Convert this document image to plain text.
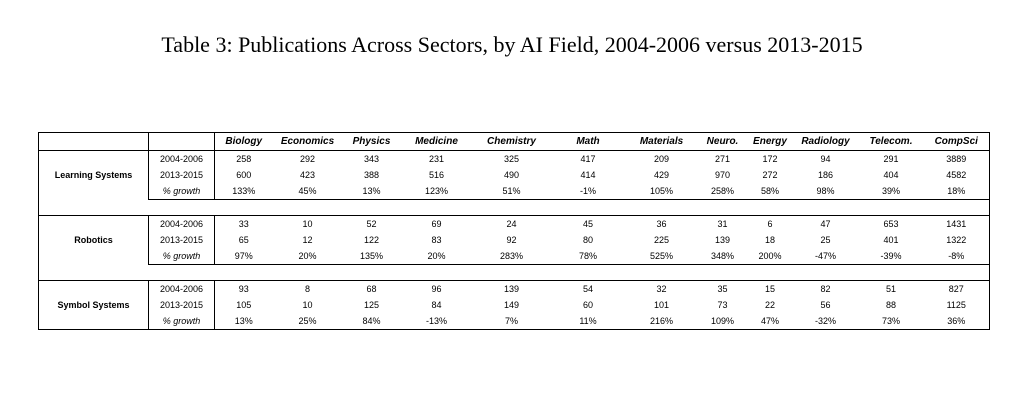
Table 3: Publications Across Sectors, by AI Field, 2004-2006 versus 2013-2015
		Biology	Economics	Physics	Medicine	Chemistry	Math	Materials	Neuro.	Energy	Radiology	Telecom.	CompSci
Learning Systems	2004-2006	258	292	343	231	325	417	209	271	172	94	291	3889
	2013-2015	600	423	388	516	490	414	429	970	272	186	404	4582
	% growth	133%	45%	13%	123%	51%	-1%	105%	258%	58%	98%	39%	18%

Robotics	2004-2006	33	10	52	69	24	45	36	31	6	47	653	1431
	2013-2015	65	12	122	83	92	80	225	139	18	25	401	1322
	% growth	97%	20%	135%	20%	283%	78%	525%	348%	200%	-47%	-39%	-8%

Symbol Systems	2004-2006	93	8	68	96	139	54	32	35	15	82	51	827
	2013-2015	105	10	125	84	149	60	101	73	22	56	88	1125
	% growth	13%	25%	84%	-13%	7%	11%	216%	109%	47%	-32%	73%	36%
